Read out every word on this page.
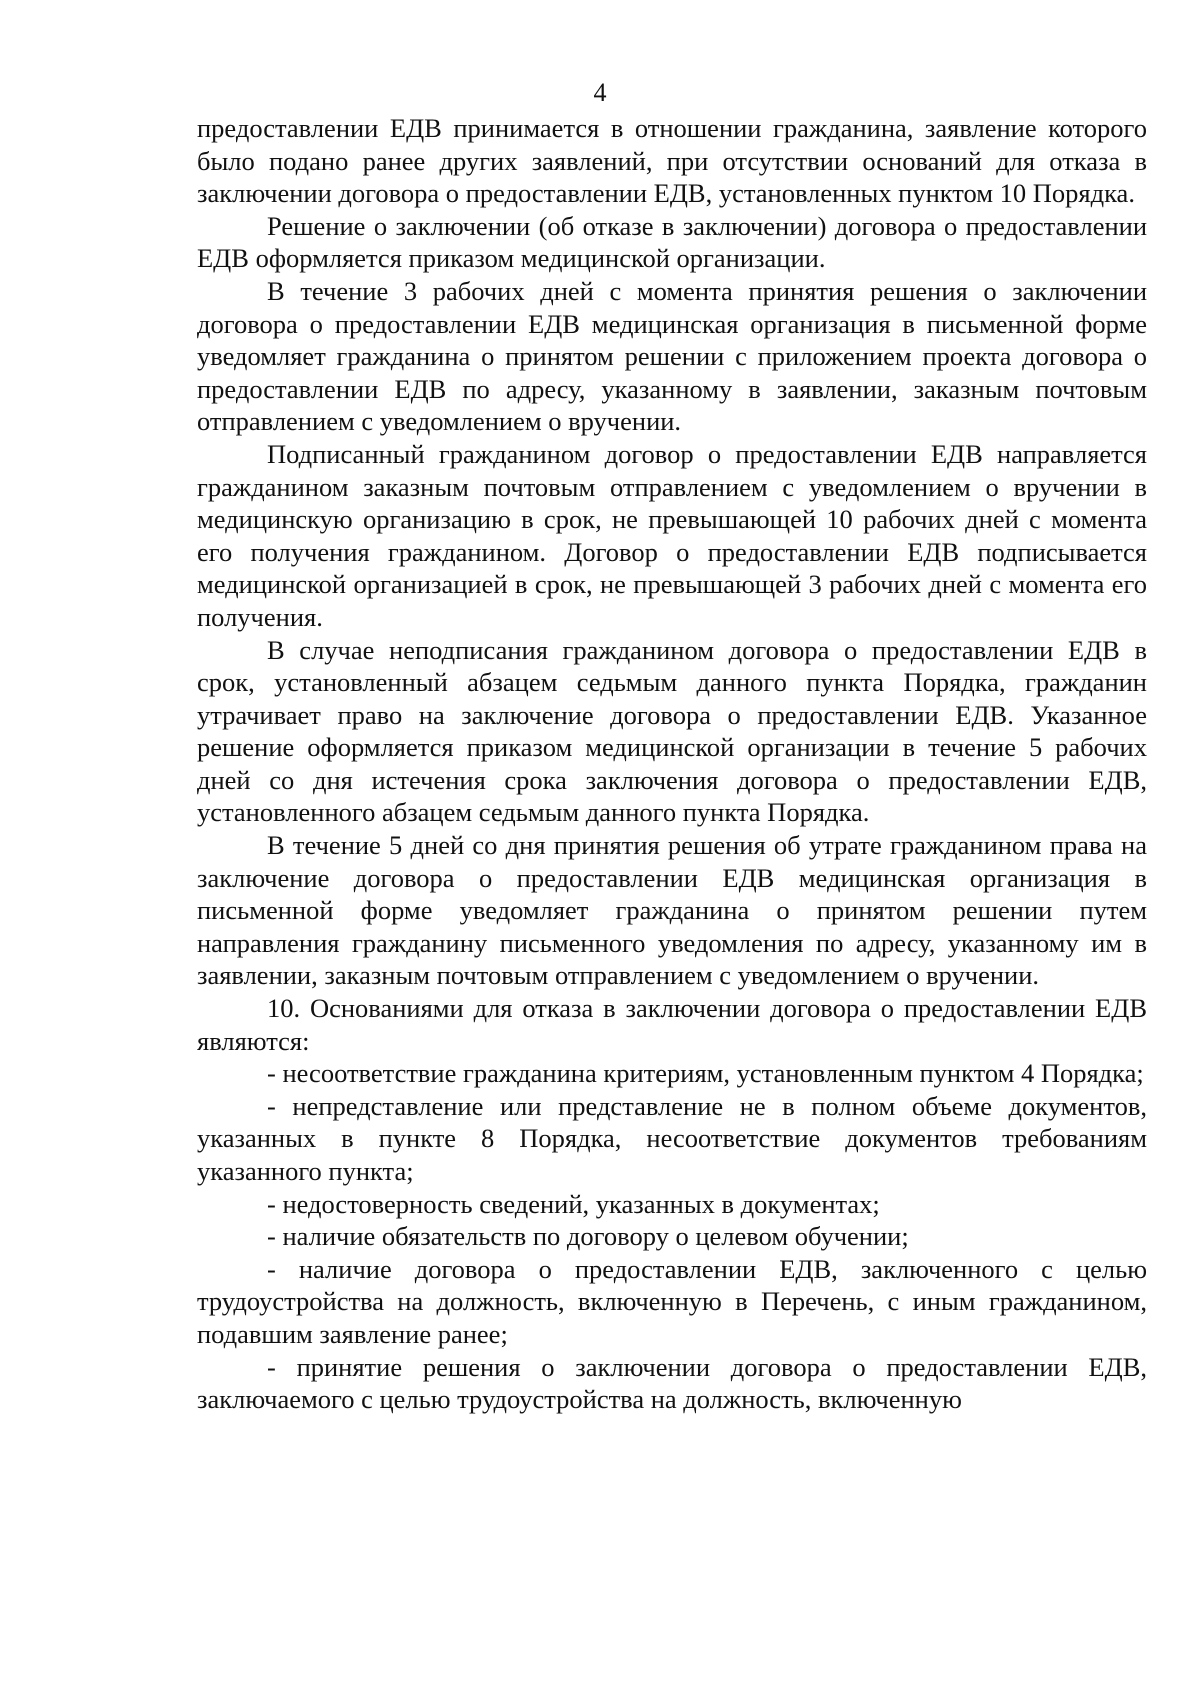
4

предоставлении ЕДВ принимается в отношении гражданина, заявление которого было подано ранее других заявлений, при отсутствии оснований для отказа в заключении договора о предоставлении ЕДВ, установленных пунктом 10 Порядка.

Решение о заключении (об отказе в заключении) договора о предоставлении ЕДВ оформляется приказом медицинской организации.

В течение 3 рабочих дней с момента принятия решения о заключении договора о предоставлении ЕДВ медицинская организация в письменной форме уведомляет гражданина о принятом решении с приложением проекта договора о предоставлении ЕДВ по адресу, указанному в заявлении, заказным почтовым отправлением с уведомлением о вручении.

Подписанный гражданином договор о предоставлении ЕДВ направляется гражданином заказным почтовым отправлением с уведомлением о вручении в медицинскую организацию в срок, не превышающей 10 рабочих дней с момента его получения гражданином. Договор о предоставлении ЕДВ подписывается медицинской организацией в срок, не превышающей 3 рабочих дней с момента его получения.

В случае неподписания гражданином договора о предоставлении ЕДВ в срок, установленный абзацем седьмым данного пункта Порядка, гражданин утрачивает право на заключение договора о предоставлении ЕДВ. Указанное решение оформляется приказом медицинской организации в течение 5 рабочих дней со дня истечения срока заключения договора о предоставлении ЕДВ, установленного абзацем седьмым данного пункта Порядка.

В течение 5 дней со дня принятия решения об утрате гражданином права на заключение договора о предоставлении ЕДВ медицинская организация в письменной форме уведомляет гражданина о принятом решении путем направления гражданину письменного уведомления по адресу, указанному им в заявлении, заказным почтовым отправлением с уведомлением о вручении.

10. Основаниями для отказа в заключении договора о предоставлении ЕДВ являются:

- несоответствие гражданина критериям, установленным пунктом 4 Порядка;

- непредставление или представление не в полном объеме документов, указанных в пункте 8 Порядка, несоответствие документов требованиям указанного пункта;

- недостоверность сведений, указанных в документах;

- наличие обязательств по договору о целевом обучении;

- наличие договора о предоставлении ЕДВ, заключенного с целью трудоустройства на должность, включенную в Перечень, с иным гражданином, подавшим заявление ранее;

- принятие решения о заключении договора о предоставлении ЕДВ, заключаемого с целью трудоустройства на должность, включенную
